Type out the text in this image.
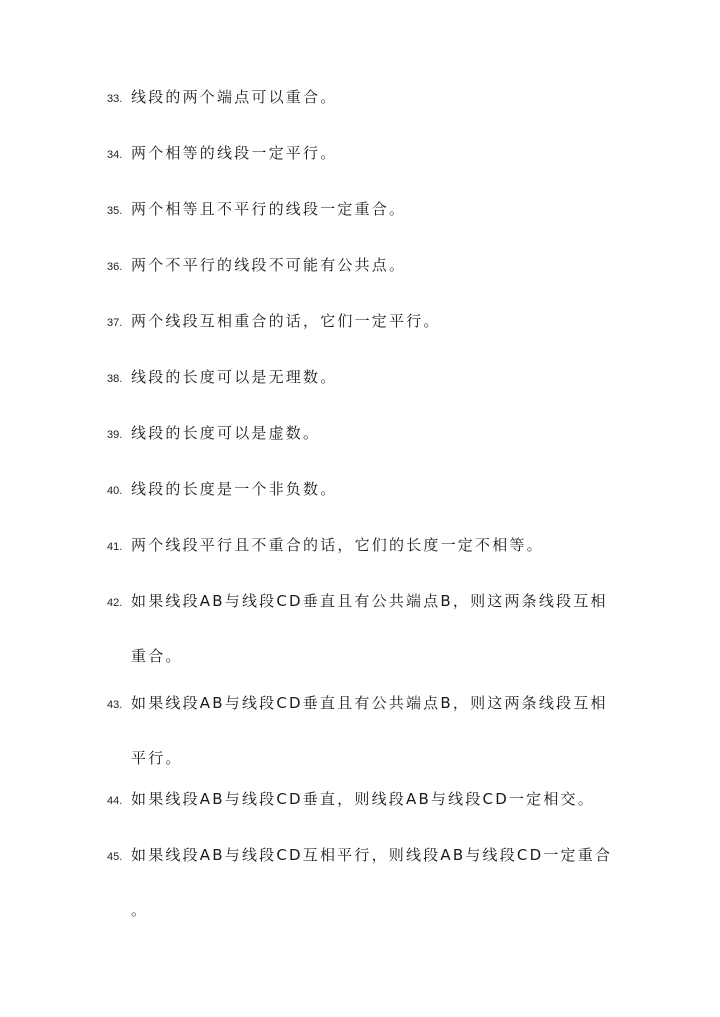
33. 线段的两个端点可以重合。
34. 两个相等的线段一定平行。
35. 两个相等且不平行的线段一定重合。
36. 两个不平行的线段不可能有公共点。
37. 两个线段互相重合的话，它们一定平行。
38. 线段的长度可以是无理数。
39. 线段的长度可以是虚数。
40. 线段的长度是一个非负数。
41. 两个线段平行且不重合的话，它们的长度一定不相等。
42. 如果线段AB与线段CD垂直且有公共端点B，则这两条线段互相
重合。
43. 如果线段AB与线段CD垂直且有公共端点B，则这两条线段互相
平行。
44. 如果线段AB与线段CD垂直，则线段AB与线段CD一定相交。
45. 如果线段AB与线段CD互相平行，则线段AB与线段CD一定重合
。
